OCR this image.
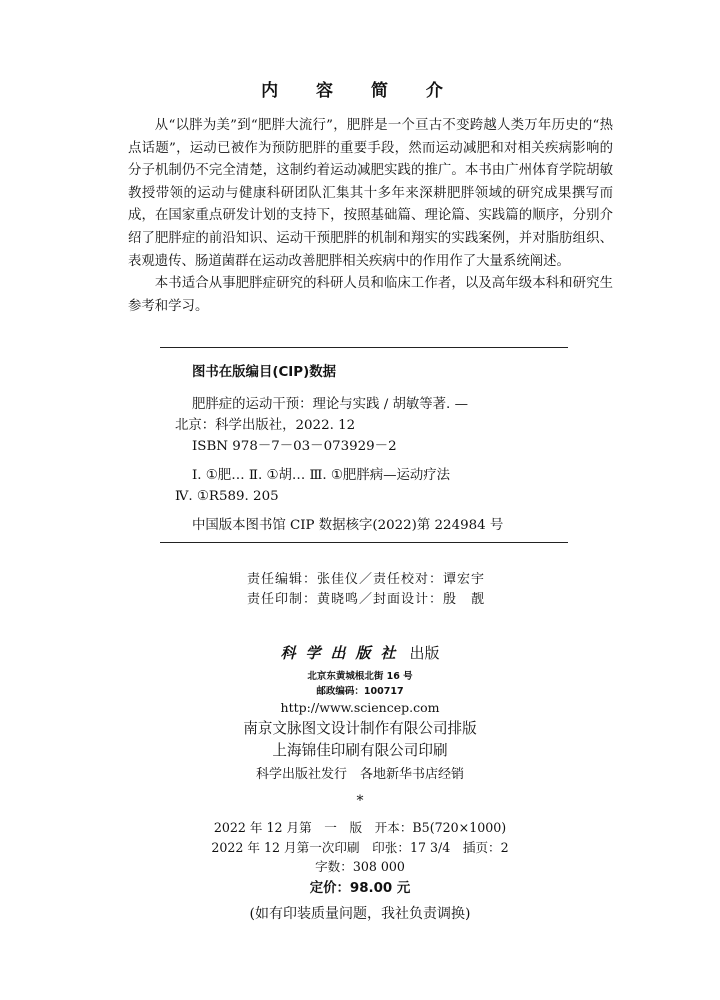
内 容 简 介

从“以胖为美”到“肥胖大流行”，肥胖是一个亘古不变跨越人类万年历史的“热点话题”，运动已被作为预防肥胖的重要手段，然而运动减肥和对相关疾病影响的分子机制仍不完全清楚，这制约着运动减肥实践的推广。本书由广州体育学院胡敏教授带领的运动与健康科研团队汇集其十多年来深耕肥胖领域的研究成果撰写而成，在国家重点研发计划的支持下，按照基础篇、理论篇、实践篇的顺序，分别介绍了肥胖症的前沿知识、运动干预肥胖的机制和翔实的实践案例，并对脂肪组织、表观遗传、肠道菌群在运动改善肥胖相关疾病中的作用作了大量系统阐述。

本书适合从事肥胖症研究的科研人员和临床工作者，以及高年级本科和研究生参考和学习。

图书在版编目(CIP)数据
肥胖症的运动干预：理论与实践 / 胡敏等著. —
北京：科学出版社，2022. 12
ISBN 978－7－03－073929－2
Ⅰ. ①肥… Ⅱ. ①胡… Ⅲ. ①肥胖病—运动疗法
Ⅳ. ①R589. 205
中国版本图书馆 CIP 数据核字(2022)第 224984 号
责任编辑：张佳仪／责任校对：谭宏宇
责任印制：黄晓鸣／封面设计：殷　靓
科学出版社 出版
北京东黄城根北街 16 号
邮政编码：100717
http://www.sciencep.com
南京文脉图文设计制作有限公司排版
上海锦佳印刷有限公司印刷
科学出版社发行　各地新华书店经销
*
2022 年 12 月第　一　版　开本：B5(720×1000)
2022 年 12 月第一次印刷　印张：17 3/4　插页：2
字数：308 000
定价：98.00 元
(如有印装质量问题，我社负责调换)
